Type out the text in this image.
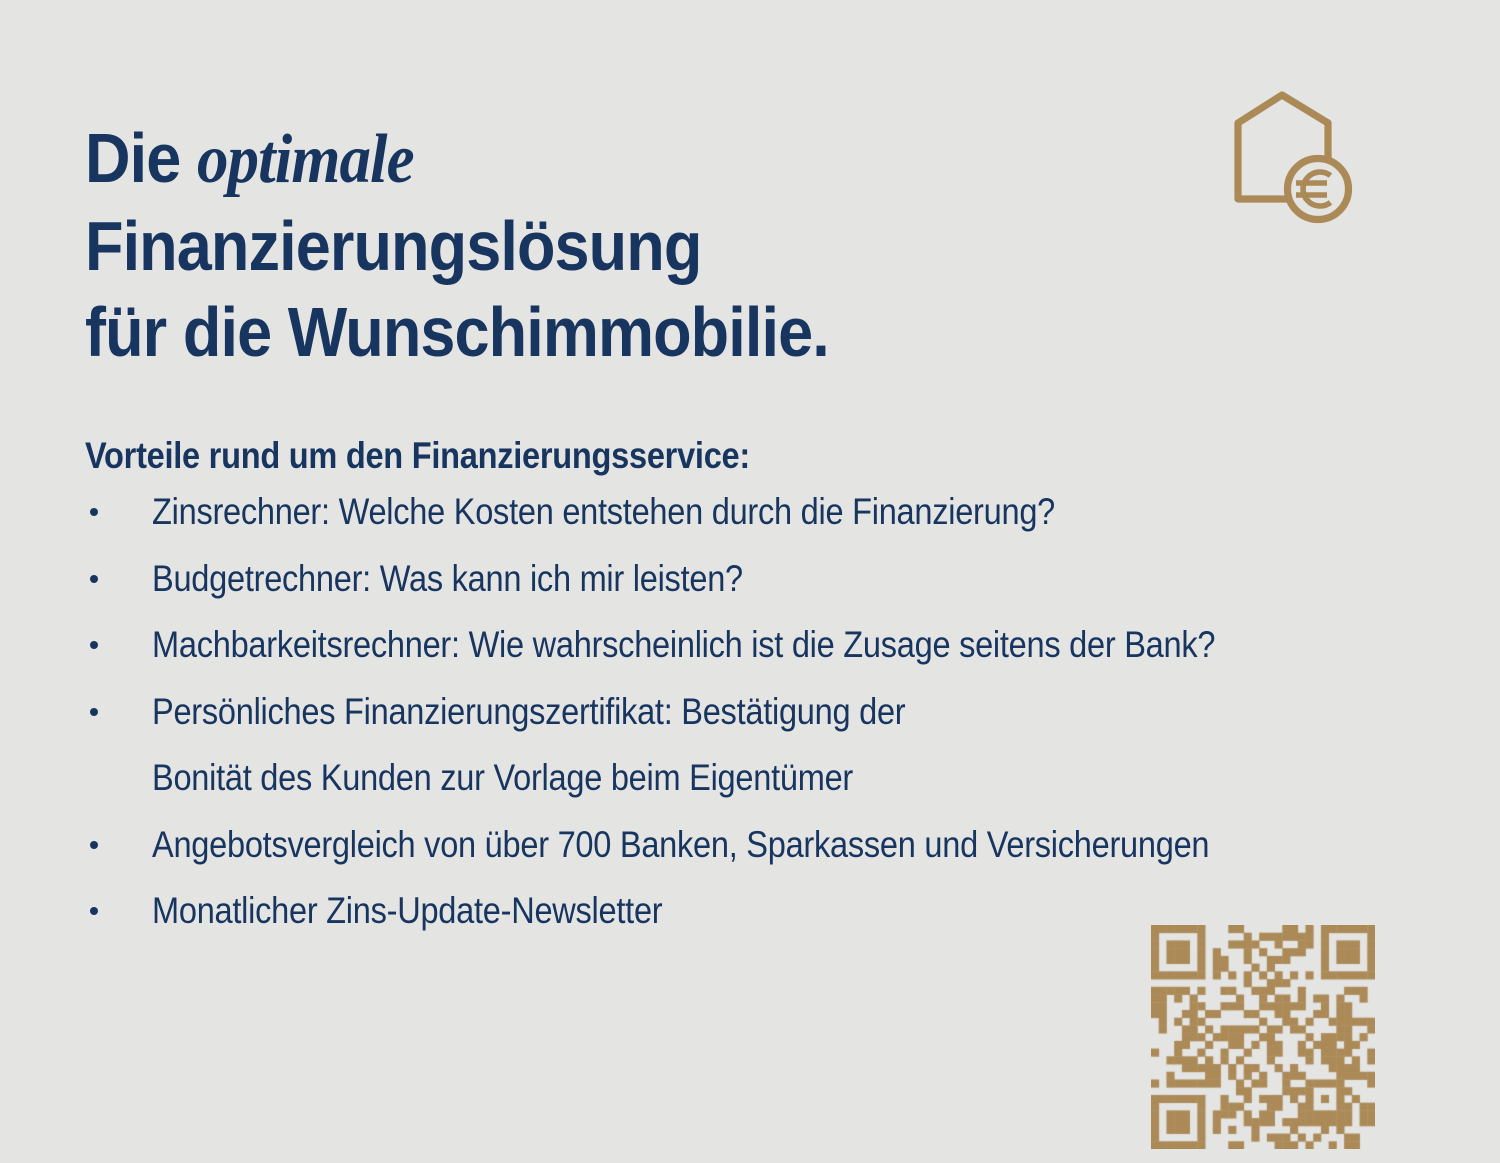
Die optimale
Finanzierungslösung
für die Wunschimmobilie.
Vorteile rund um den Finanzierungsservice:
Zinsrechner: Welche Kosten entstehen durch die Finanzierung?
Budgetrechner: Was kann ich mir leisten?
Machbarkeitsrechner: Wie wahrscheinlich ist die Zusage seitens der Bank?
Persönliches Finanzierungszertifikat: Bestätigung der
Bonität des Kunden zur Vorlage beim Eigentümer
Angebotsvergleich von über 700 Banken, Sparkassen und Versicherungen
Monatlicher Zins-Update-Newsletter
